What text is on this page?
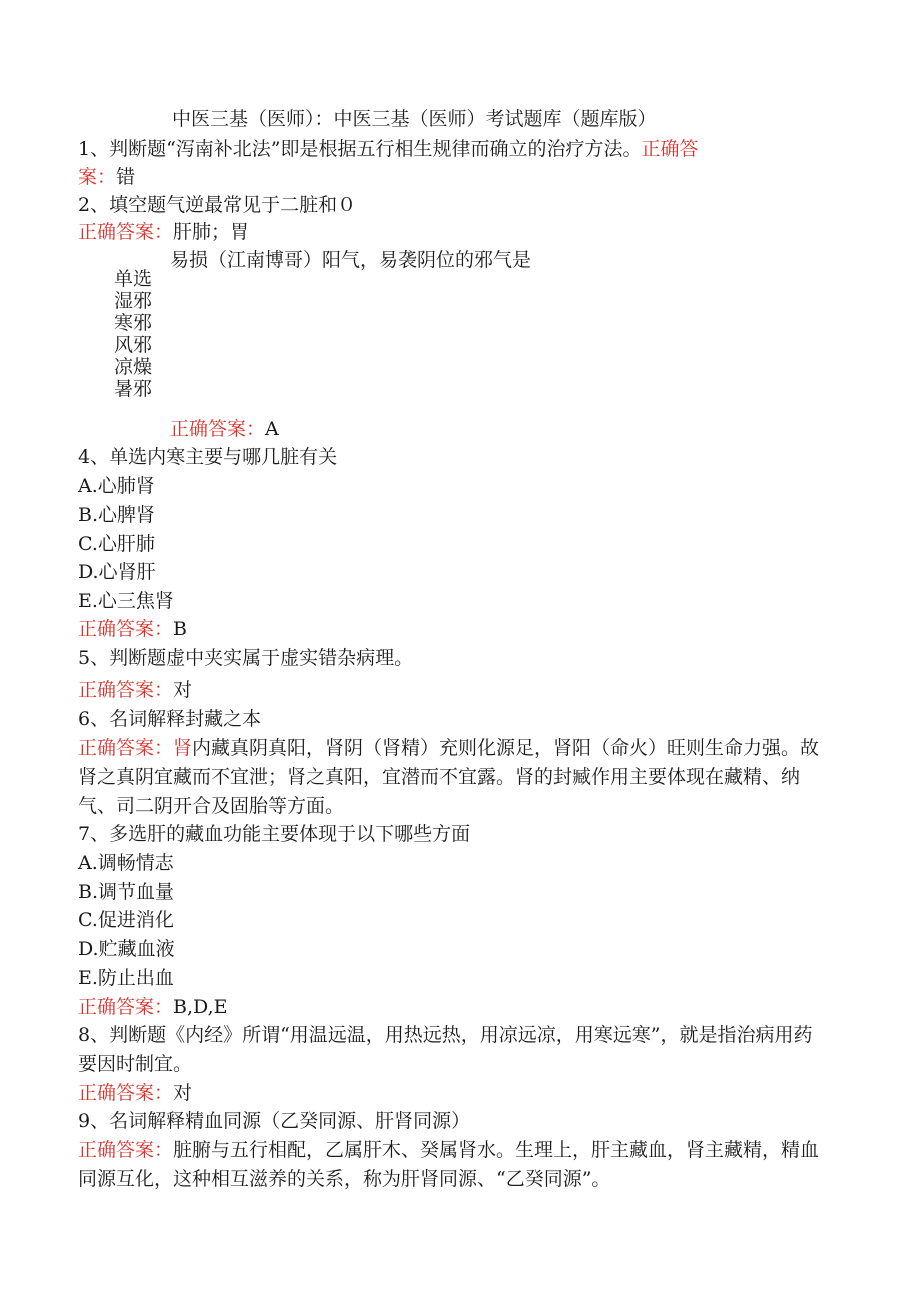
中医三基（医师）：中医三基（医师）考试题库（题库版）
1、判断题“泻南补北法”即是根据五行相生规律而确立的治疗方法。正确答
案：错
2、填空题气逆最常见于二脏和０
正确答案：肝肺；胃
易损（江南博哥）阳气，易袭阴位的邪气是
单选
湿邪
寒邪
风邪
凉燥
暑邪
正确答案：A
4、单选内寒主要与哪几脏有关
A.心肺肾
B.心脾肾
C.心肝肺
D.心肾肝
E.心三焦肾
正确答案：B
5、判断题虚中夹实属于虚实错杂病理。
正确答案：对
6、名词解释封藏之本
正确答案：肾内藏真阴真阳，肾阴（肾精）充则化源足，肾阳（命火）旺则生命力强。故肾之真阴宜藏而不宜泄；肾之真阳，宜潜而不宜露。肾的封臧作用主要体现在藏精、纳气、司二阴开合及固胎等方面。
7、多选肝的藏血功能主要体现于以下哪些方面
A.调畅情志
B.调节血量
C.促进消化
D.贮藏血液
E.防止出血
正确答案：B,D,E
8、判断题《内经》所谓“用温远温，用热远热，用凉远凉，用寒远寒”，就是指治病用药要因时制宜。
正确答案：对
9、名词解释精血同源（乙癸同源、肝肾同源）
正确答案：脏腑与五行相配，乙属肝木、癸属肾水。生理上，肝主藏血，肾主藏精，精血同源互化，这种相互滋养的关系，称为肝肾同源、“乙癸同源”。
